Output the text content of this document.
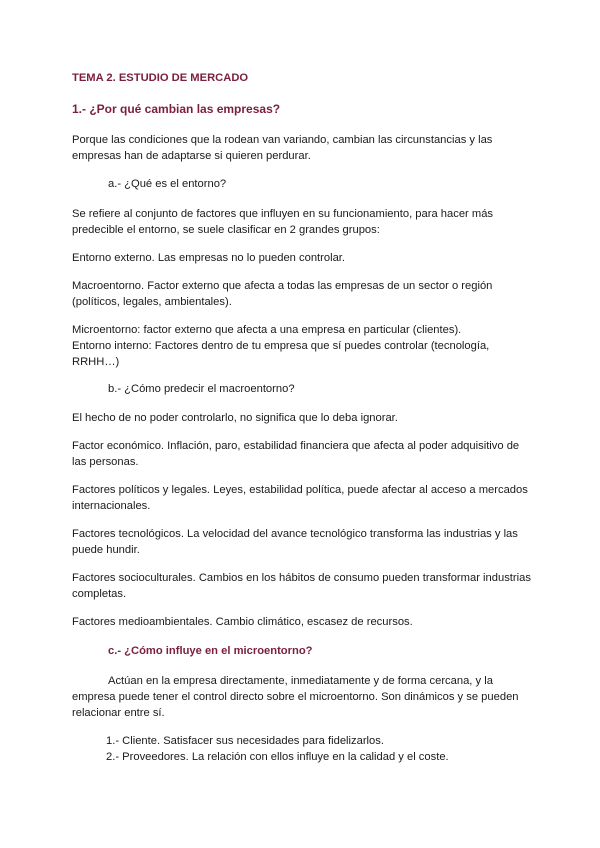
TEMA 2. ESTUDIO DE MERCADO

1.- ¿Por qué cambian las empresas?

Porque las condiciones que la rodean van variando, cambian las circunstancias y las

empresas han de adaptarse si quieren perdurar.

a.- ¿Qué es el entorno?

Se refiere al conjunto de factores que influyen en su funcionamiento, para hacer más

predecible el entorno, se suele clasificar en 2 grandes grupos:

Entorno externo. Las empresas no lo pueden controlar.

Macroentorno. Factor externo que afecta a todas las empresas de un sector o región

(políticos, legales, ambientales).

Microentorno: factor externo que afecta a una empresa en particular (clientes).

Entorno interno: Factores dentro de tu empresa que sí puedes controlar (tecnología,

RRHH…)

b.- ¿Cómo predecir el macroentorno?

El hecho de no poder controlarlo, no significa que lo deba ignorar.

Factor económico. Inflación, paro, estabilidad financiera que afecta al poder adquisitivo de

las personas.

Factores políticos y legales. Leyes, estabilidad política, puede afectar al acceso a mercados

internacionales.

Factores tecnológicos. La velocidad del avance tecnológico transforma las industrias y las

puede hundir.

Factores socioculturales. Cambios en los hábitos de consumo pueden transformar industrias

completas.

Factores medioambientales. Cambio climático, escasez de recursos.

c.- ¿Cómo influye en el microentorno?

Actúan en la empresa directamente, inmediatamente y de forma cercana, y la

empresa puede tener el control directo sobre el microentorno. Son dinámicos y se pueden

relacionar entre sí.

1.- Cliente. Satisfacer sus necesidades para fidelizarlos.

2.- Proveedores. La relación con ellos influye en la calidad y el coste.
